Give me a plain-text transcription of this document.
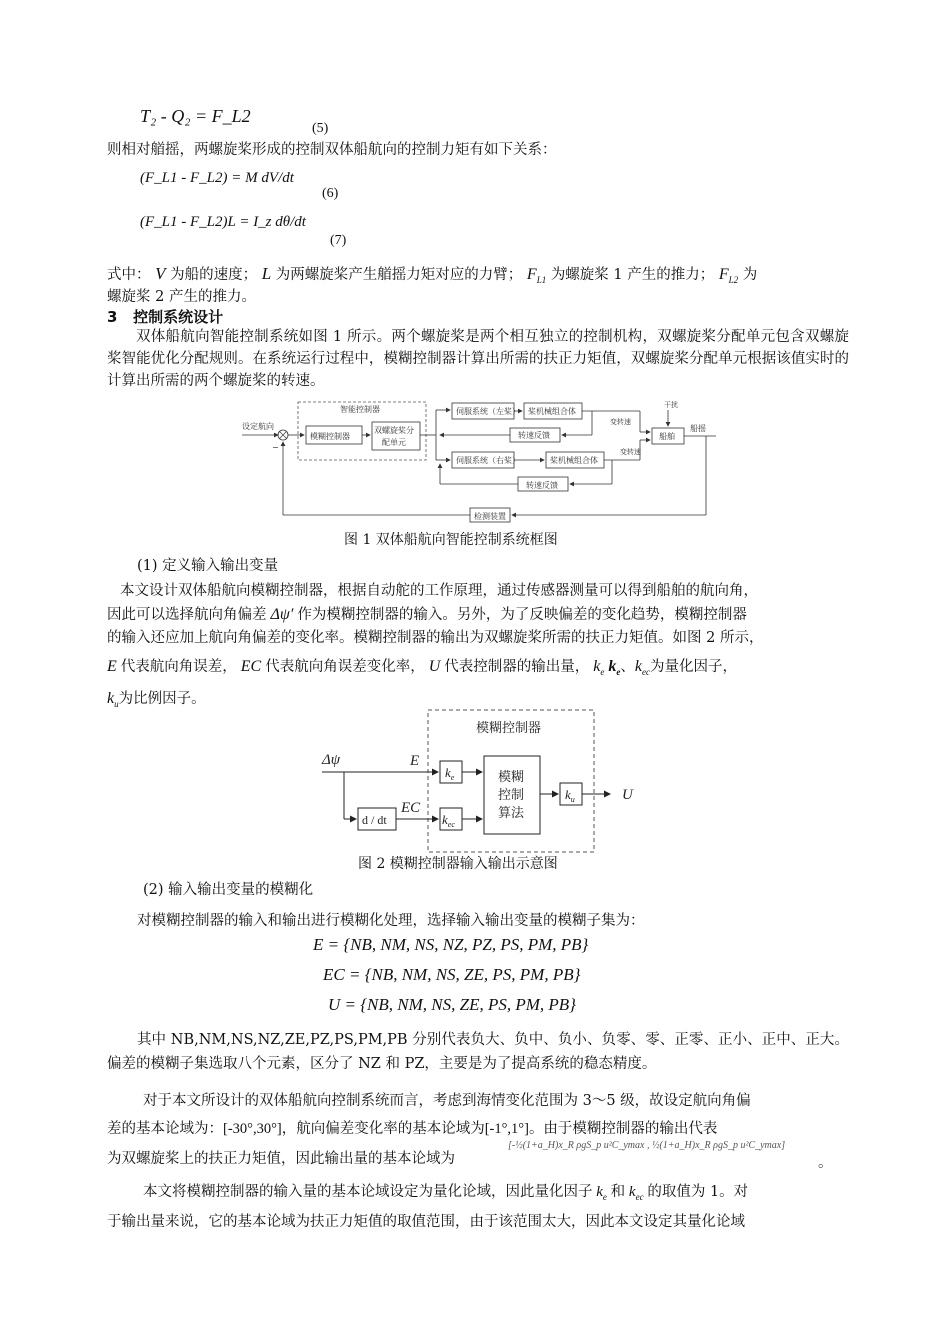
T₂ - Q₂ = F_L2
(5)
则相对艏摇，两螺旋桨形成的控制双体船航向的控制力矩有如下关系：
(F_L1 - F_L2) = M dV/dt
(6)
(F_L1 - F_L2)L = I_z dθ/dt
(7)
式中： V 为船的速度； L 为两螺旋桨产生艏摇力矩对应的力臂； $F_{L1}$ 为螺旋桨 1 产生的推力； $F_{L2}$ 为
螺旋桨 2 产生的推力。
3 控制系统设计
双体船航向智能控制系统如图 1 所示。两个螺旋桨是两个相互独立的控制机构，双螺旋桨分配单元包含双螺旋桨智能优化分配规则。在系统运行过程中，模糊控制器计算出所需的扶正力矩值，双螺旋桨分配单元根据该值实时的计算出所需的两个螺旋桨的转速。
设定航向
−
智能控制器
模糊控制器
双螺旋桨分
配单元
伺服系统（左桨） 桨机械组合体
转速反馈
变转速
伺服系统（右桨）	桨机械组合体
转速反馈
变转速
干扰
船舶
船摇
检测装置
图 1 双体船航向智能控制系统框图
(1) 定义输入输出变量
本文设计双体船航向模糊控制器，根据自动舵的工作原理，通过传感器测量可以得到船舶的航向角，
因此可以选择航向角偏差 Δψ′ 作为模糊控制器的输入。另外，为了反映偏差的变化趋势，模糊控制器
的输入还应加上航向角偏差的变化率。模糊控制器的输出为双螺旋桨所需的扶正力矩值。如图 2 所示，
E 代表航向角误差， EC 代表航向角误差变化率， U 代表控制器的输出量， $k_e$ $k_e$、$k_{ec}$为量化因子，
$k_u$为比例因子。
模糊控制器
Δψ	E
d / dt
EC
$k_e$
$k_{ec}$
模糊
控制
算法
$k_u$	U
图 2 模糊控制器输入输出示意图
(2) 输入输出变量的模糊化
对模糊控制器的输入和输出进行模糊化处理，选择输入输出变量的模糊子集为：
E = {NB, NM, NS, NZ, PZ, PS, PM, PB}
EC = {NB, NM, NS, ZE, PS, PM, PB}
U = {NB, NM, NS, ZE, PS, PM, PB}
其中 NB,NM,NS,NZ,ZE,PZ,PS,PM,PB 分别代表负大、负中、负小、负零、零、正零、正小、正中、正大。偏差的模糊子集选取八个元素，区分了 NZ 和 PZ，主要是为了提高系统的稳态精度。
对于本文所设计的双体船航向控制系统而言，考虑到海情变化范围为 3～5 级，故设定航向角偏
差的基本论域为：[-30°,30°]，航向偏差变化率的基本论域为[-1°,1°]。由于模糊控制器的输出代表
为双螺旋桨上的扶正力矩值，因此输出量的基本论域为
[-½(1+a_H)x_R ρgS_p u²C_ymax , ½(1+a_H)x_R ρgS_p u²C_ymax]
。
本文将模糊控制器的输入量的基本论域设定为量化论域，因此量化因子 $k_e$ 和 $k_{ec}$ 的取值为 1。对
于输出量来说，它的基本论域为扶正力矩值的取值范围，由于该范围太大，因此本文设定其量化论域
